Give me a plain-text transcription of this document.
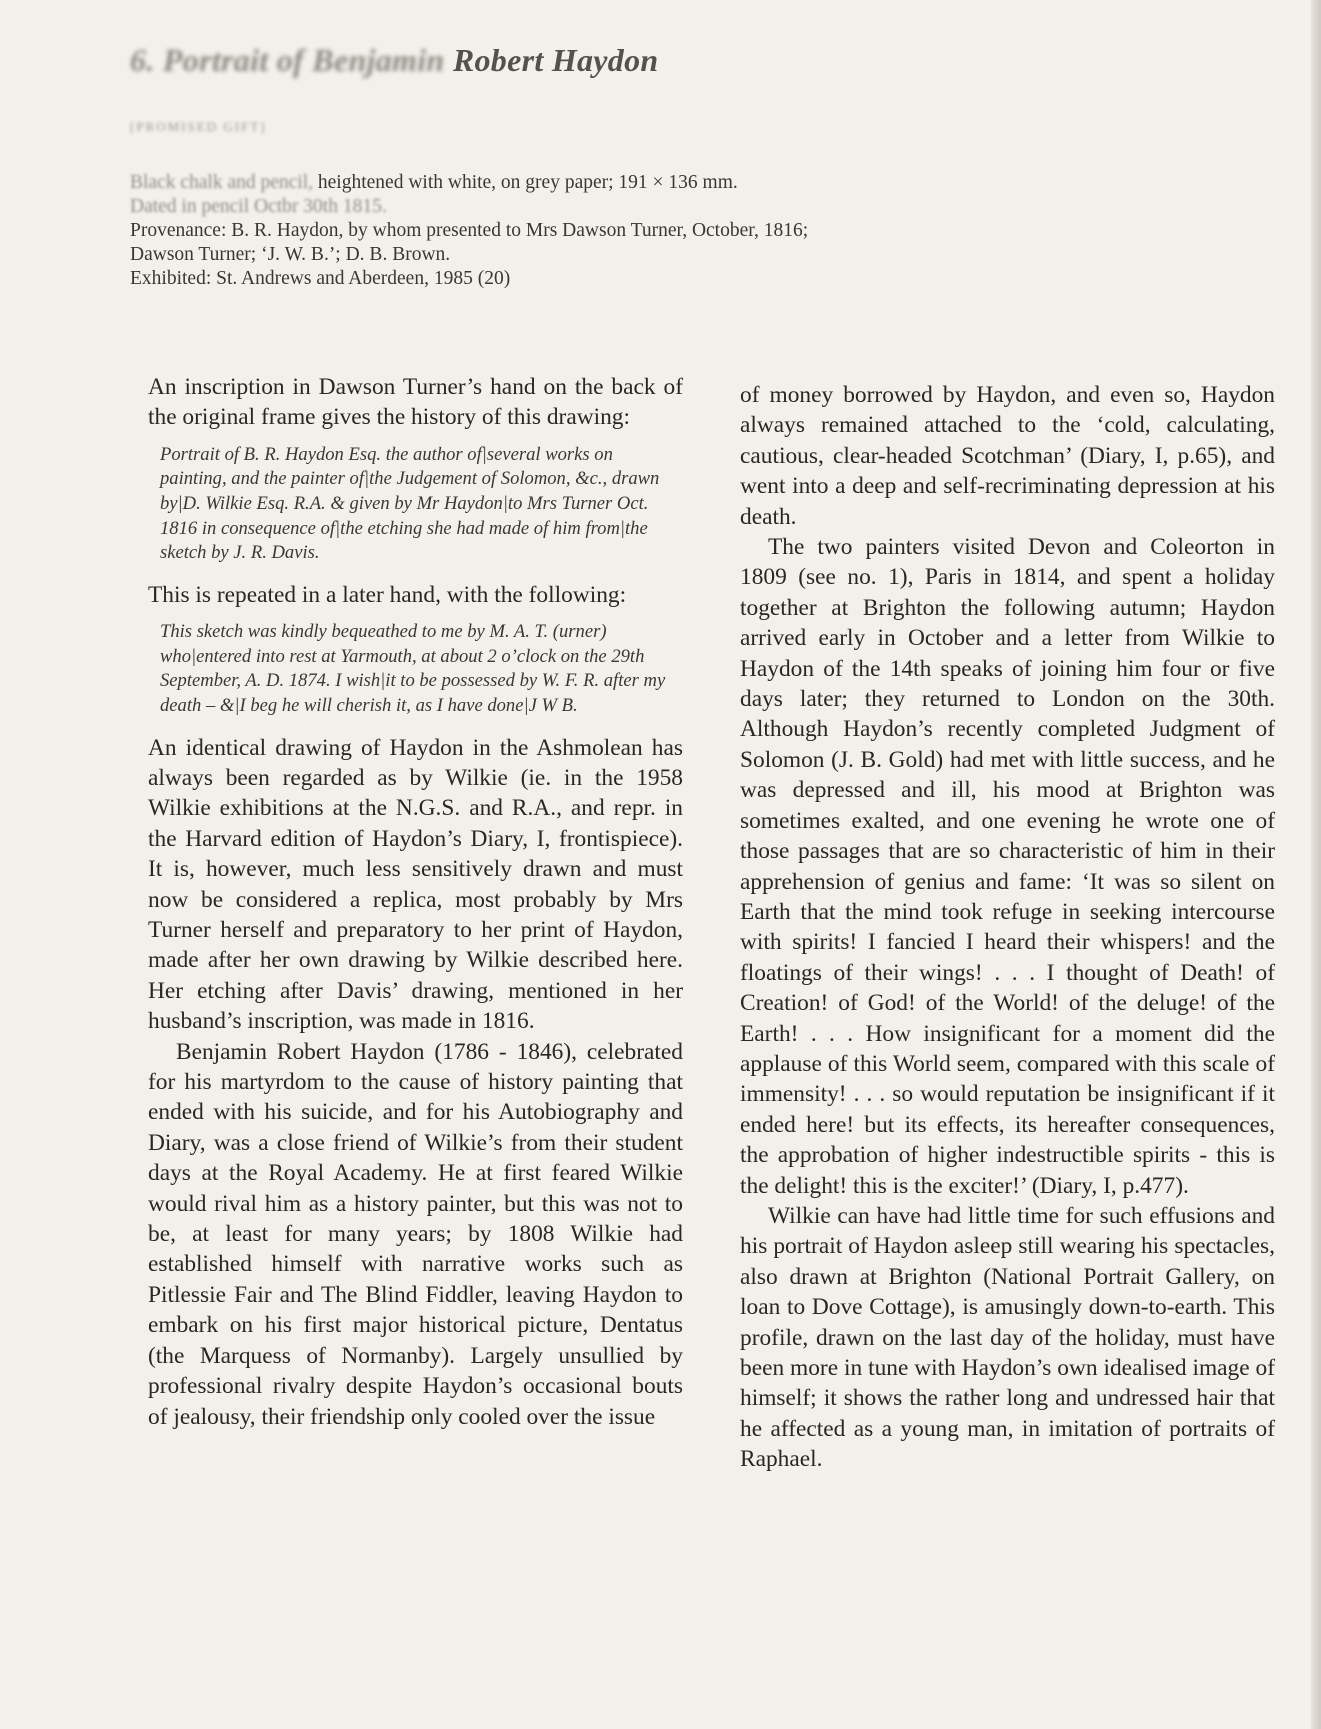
6. Portrait of Benjamin Robert Haydon
[PROMISED GIFT]
Black chalk and pencil, heightened with white, on grey paper; 191 × 136 mm.
Dated in pencil Octbr 30th 1815.
Provenance: B. R. Haydon, by whom presented to Mrs Dawson Turner, October, 1816;
Dawson Turner; ‘J. W. B.’; D. B. Brown.
Exhibited: St. Andrews and Aberdeen, 1985 (20)

An inscription in Dawson Turner’s hand on the back of the original frame gives the history of this drawing:

Portrait of B. R. Haydon Esq. the author of|several works on painting, and the painter of|the Judgement of Solomon, &c., drawn by|D. Wilkie Esq. R.A. & given by Mr Haydon|to Mrs Turner Oct. 1816 in consequence of|the etching she had made of him from|the sketch by J. R. Davis.

This is repeated in a later hand, with the following:

This sketch was kindly bequeathed to me by M. A. T. (urner) who|entered into rest at Yarmouth, at about 2 o’clock on the 29th September, A. D. 1874. I wish|it to be possessed by W. F. R. after my death – &|I beg he will cherish it, as I have done|J W B.

An identical drawing of Haydon in the Ashmolean has always been regarded as by Wilkie (ie. in the 1958 Wilkie exhibitions at the N.G.S. and R.A., and repr. in the Harvard edition of Haydon’s Diary, I, frontispiece). It is, however, much less sensitively drawn and must now be considered a replica, most probably by Mrs Turner herself and preparatory to her print of Haydon, made after her own drawing by Wilkie described here. Her etching after Davis’ drawing, mentioned in her husband’s inscription, was made in 1816.

Benjamin Robert Haydon (1786 - 1846), celebrated for his martyrdom to the cause of history painting that ended with his suicide, and for his Autobiography and Diary, was a close friend of Wilkie’s from their student days at the Royal Academy. He at first feared Wilkie would rival him as a history painter, but this was not to be, at least for many years; by 1808 Wilkie had established himself with narrative works such as Pitlessie Fair and The Blind Fiddler, leaving Haydon to embark on his first major historical picture, Dentatus (the Marquess of Normanby). Largely unsullied by professional rivalry despite Haydon’s occasional bouts of jealousy, their friendship only cooled over the issue

of money borrowed by Haydon, and even so, Haydon always remained attached to the ‘cold, calculating, cautious, clear-headed Scotchman’ (Diary, I, p.65), and went into a deep and self-recriminating depression at his death.

The two painters visited Devon and Coleorton in 1809 (see no. 1), Paris in 1814, and spent a holiday together at Brighton the following autumn; Haydon arrived early in October and a letter from Wilkie to Haydon of the 14th speaks of joining him four or five days later; they returned to London on the 30th. Although Haydon’s recently completed Judgment of Solomon (J. B. Gold) had met with little success, and he was depressed and ill, his mood at Brighton was sometimes exalted, and one evening he wrote one of those passages that are so characteristic of him in their apprehension of genius and fame: ‘It was so silent on Earth that the mind took refuge in seeking intercourse with spirits! I fancied I heard their whispers! and the floatings of their wings! . . . I thought of Death! of Creation! of God! of the World! of the deluge! of the Earth! . . . How insignificant for a moment did the applause of this World seem, compared with this scale of immensity! . . . so would reputation be insignificant if it ended here! but its effects, its hereafter consequences, the approbation of higher indestructible spirits - this is the delight! this is the exciter!’ (Diary, I, p.477).

Wilkie can have had little time for such effusions and his portrait of Haydon asleep still wearing his spectacles, also drawn at Brighton (National Portrait Gallery, on loan to Dove Cottage), is amusingly down-to-earth. This profile, drawn on the last day of the holiday, must have been more in tune with Haydon’s own idealised image of himself; it shows the rather long and undressed hair that he affected as a young man, in imitation of portraits of Raphael.
